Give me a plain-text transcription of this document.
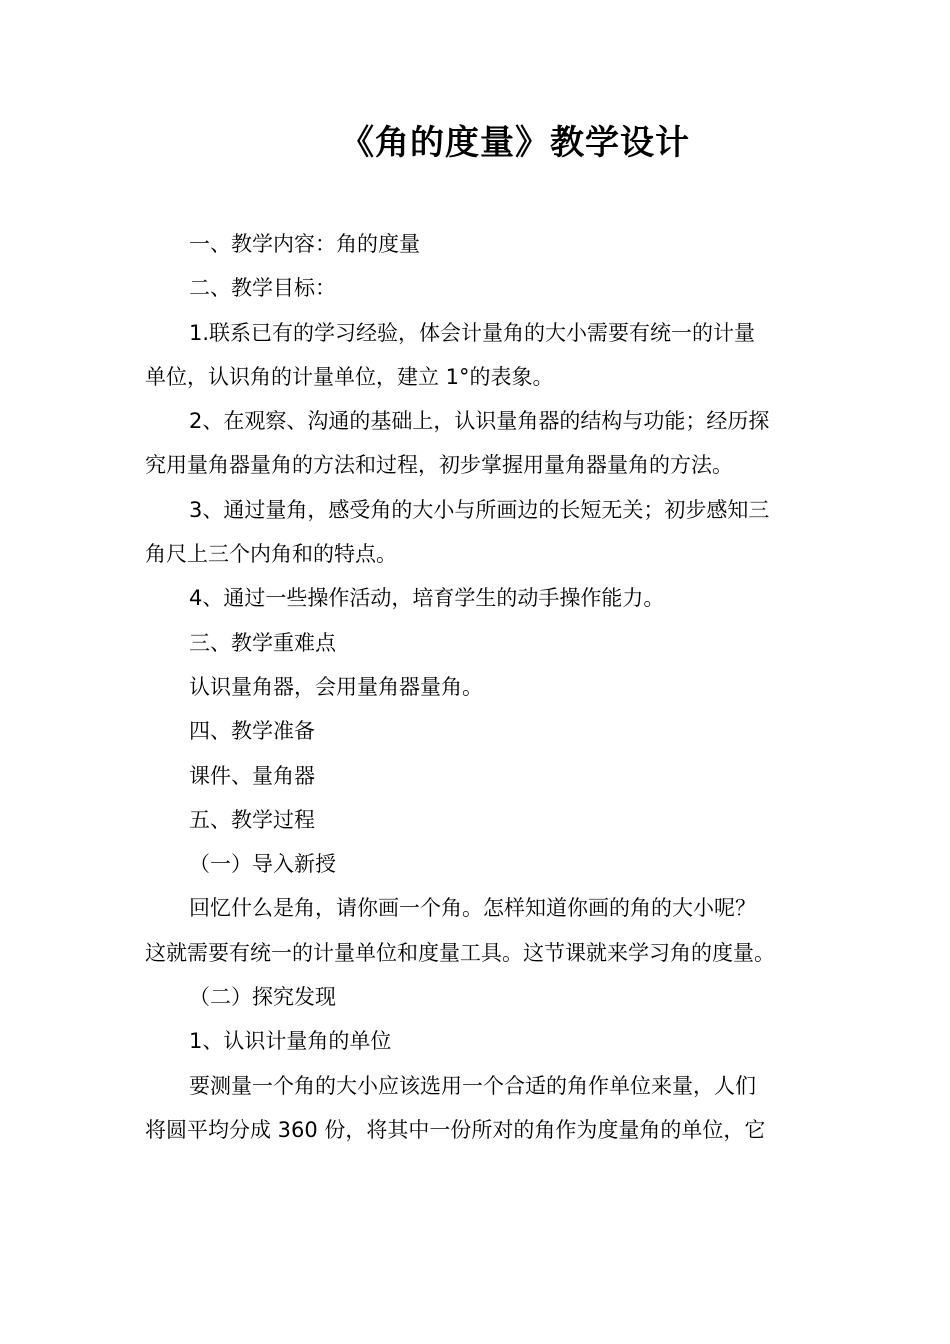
《角的度量》教学设计

一、教学内容：角的度量

二、教学目标：

1.联系已有的学习经验，体会计量角的大小需要有统一的计量

单位，认识角的计量单位，建立 1°的表象。

2、在观察、沟通的基础上，认识量角器的结构与功能；经历探

究用量角器量角的方法和过程，初步掌握用量角器量角的方法。

3、通过量角，感受角的大小与所画边的长短无关；初步感知三

角尺上三个内角和的特点。

4、通过一些操作活动，培育学生的动手操作能力。

三、教学重难点

认识量角器，会用量角器量角。

四、教学准备

课件、量角器

五、教学过程

（一）导入新授

回忆什么是角，请你画一个角。怎样知道你画的角的大小呢？

这就需要有统一的计量单位和度量工具。这节课就来学习角的度量。

（二）探究发现

1、认识计量角的单位

要测量一个角的大小应该选用一个合适的角作单位来量，人们

将圆平均分成 360 份，将其中一份所对的角作为度量角的单位，它
